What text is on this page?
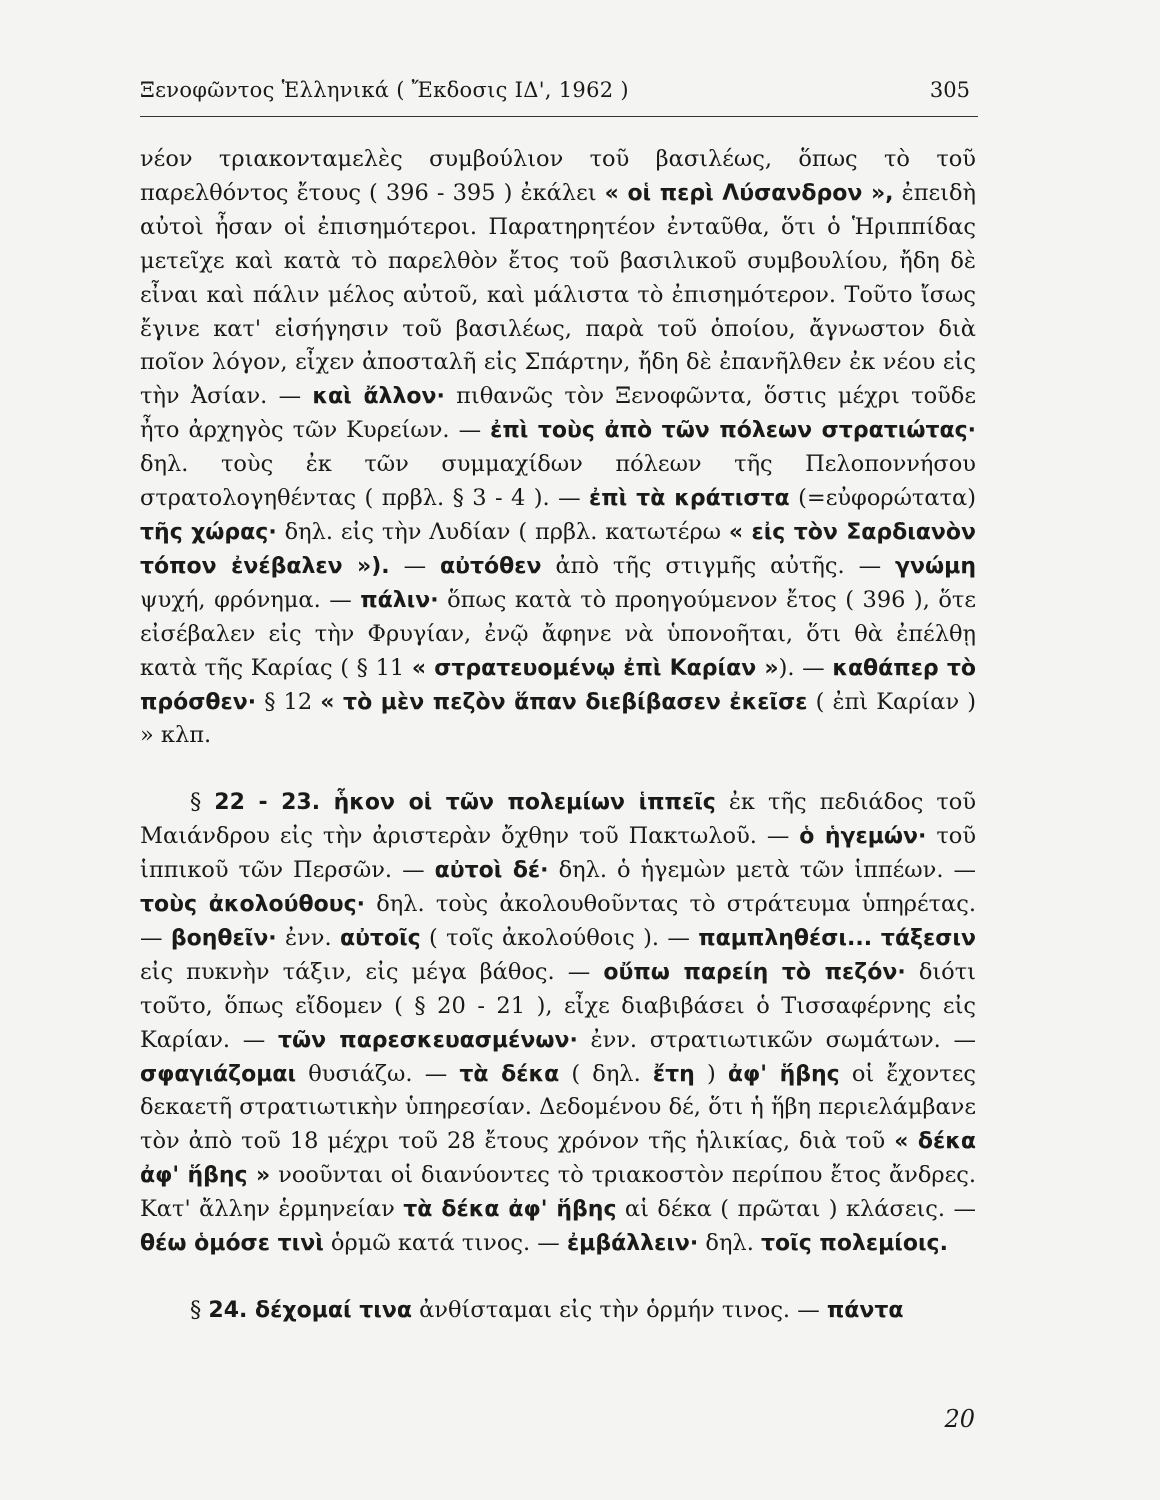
Ξενοφῶντος Ἑλληνικά ( Ἔκδοσις ΙΔ', 1962 )	305

νέον τριακονταμελὲς συμβούλιον τοῦ βασιλέως, ὅπως τὸ τοῦ παρελθόντος ἔτους ( 396 - 395 ) ἐκάλει « οἱ περὶ Λύσανδρον », ἐπειδὴ αὐτοὶ ἦσαν οἱ ἐπισημότεροι. Παρατηρητέον ἐνταῦθα, ὅτι ὁ Ἡριππίδας μετεῖχε καὶ κατὰ τὸ παρελθὸν ἔτος τοῦ βασιλικοῦ συμβουλίου, ἤδη δὲ εἶναι καὶ πάλιν μέλος αὐτοῦ, καὶ μάλιστα τὸ ἐπισημότερον. Τοῦτο ἴσως ἔγινε κατ' εἰσήγησιν τοῦ βασιλέως, παρὰ τοῦ ὁποίου, ἄγνωστον διὰ ποῖον λόγον, εἶχεν ἀποσταλῆ εἰς Σπάρτην, ἤδη δὲ ἐπανῆλθεν ἐκ νέου εἰς τὴν Ἀσίαν. — καὶ ἄλλον· πιθανῶς τὸν Ξενοφῶντα, ὅστις μέχρι τοῦδε ἦτο ἀρχηγὸς τῶν Κυρείων. — ἐπὶ τοὺς ἀπὸ τῶν πόλεων στρατιώτας· δηλ. τοὺς ἐκ τῶν συμμαχίδων πόλεων τῆς Πελοποννήσου στρατολογηθέντας ( πρβλ. § 3 - 4 ). — ἐπὶ τὰ κράτιστα (=εὐφορώτατα) τῆς χώρας· δηλ. εἰς τὴν Λυδίαν ( πρβλ. κατωτέρω « εἰς τὸν Σαρδιανὸν τόπον ἐνέβαλεν »). — αὐτόθεν ἀπὸ τῆς στιγμῆς αὐτῆς. — γνώμη ψυχή, φρόνημα. — πάλιν· ὅπως κατὰ τὸ προηγούμενον ἔτος ( 396 ), ὅτε εἰσέβαλεν εἰς τὴν Φρυγίαν, ἐνῷ ἄφηνε νὰ ὑπονοῆται, ὅτι θὰ ἐπέλθῃ κατὰ τῆς Καρίας ( § 11 « στρατευομένῳ ἐπὶ Καρίαν »). — καθάπερ τὸ πρόσθεν· § 12 « τὸ μὲν πεζὸν ἅπαν διεβίβασεν ἐκεῖσε ( ἐπὶ Καρίαν ) » κλπ.

§ 22 - 23. ἧκον οἱ τῶν πολεμίων ἱππεῖς ἐκ τῆς πεδιάδος τοῦ Μαιάνδρου εἰς τὴν ἀριστερὰν ὄχθην τοῦ Πακτωλοῦ. — ὁ ἡγεμών· τοῦ ἱππικοῦ τῶν Περσῶν. — αὐτοὶ δέ· δηλ. ὁ ἡγεμὼν μετὰ τῶν ἱππέων. — τοὺς ἀκολούθους· δηλ. τοὺς ἀκολουθοῦντας τὸ στράτευμα ὑπηρέτας. — βοηθεῖν· ἐνν. αὐτοῖς ( τοῖς ἀκολούθοις ). — παμπληθέσι... τάξεσιν εἰς πυκνὴν τάξιν, εἰς μέγα βάθος. — οὔπω παρείη τὸ πεζόν· διότι τοῦτο, ὅπως εἴδομεν ( § 20 - 21 ), εἶχε διαβιβάσει ὁ Τισσαφέρνης εἰς Καρίαν. — τῶν παρεσκευασμένων· ἐνν. στρατιωτικῶν σωμάτων. — σφαγιάζομαι θυσιάζω. — τὰ δέκα ( δηλ. ἔτη ) ἀφ' ἥβης οἱ ἔχοντες δεκαετῆ στρατιωτικὴν ὑπηρεσίαν. Δεδομένου δέ, ὅτι ἡ ἥβη περιελάμβανε τὸν ἀπὸ τοῦ 18 μέχρι τοῦ 28 ἔτους χρόνον τῆς ἡλικίας, διὰ τοῦ « δέκα ἀφ' ἥβης » νοοῦνται οἱ διανύοντες τὸ τριακοστὸν περίπου ἔτος ἄνδρες. Κατ' ἄλλην ἑρμηνείαν τὰ δέκα ἀφ' ἥβης αἱ δέκα ( πρῶται ) κλάσεις. — θέω ὁμόσε τινὶ ὁρμῶ κατά τινος. — ἐμβάλλειν· δηλ. τοῖς πολεμίοις.

§ 24. δέχομαί τινα ἀνθίσταμαι εἰς τὴν ὁρμήν τινος. — πάντα

20
